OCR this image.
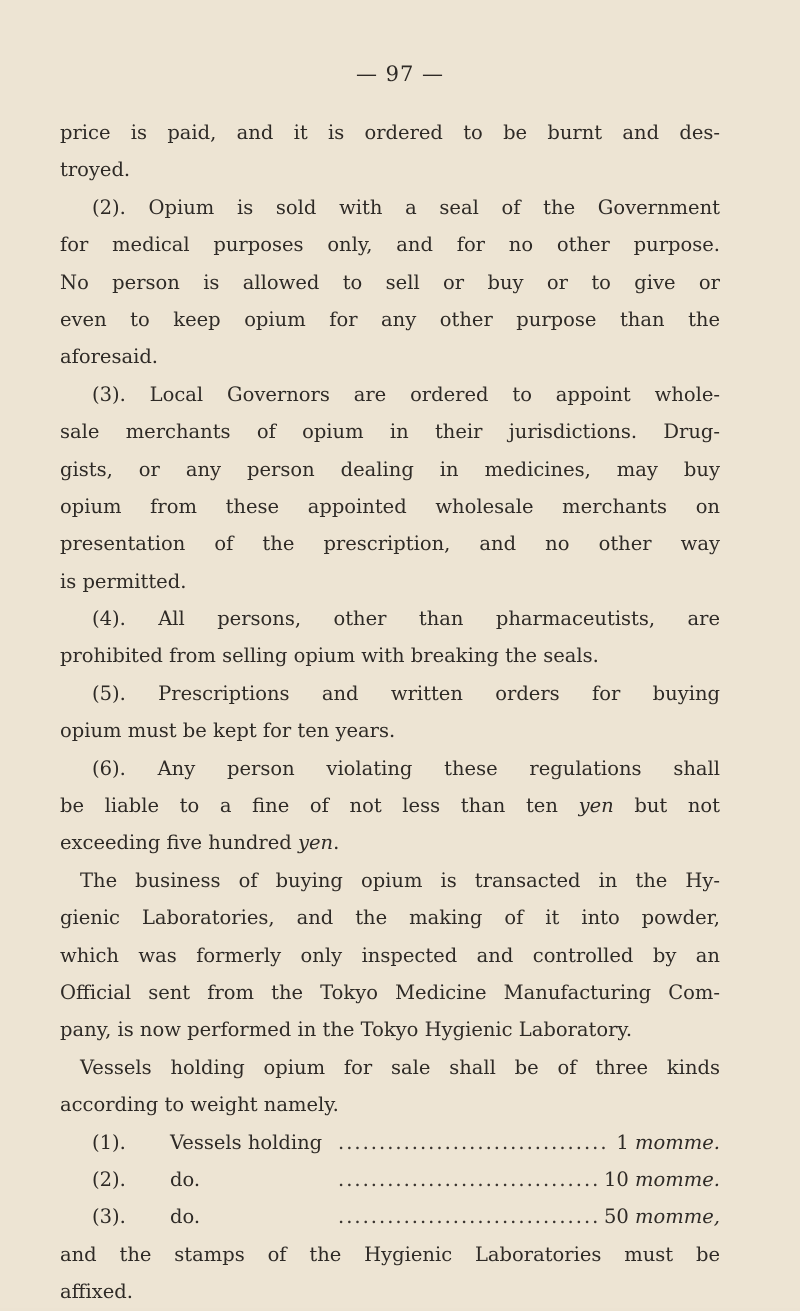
— 97 —
price is paid, and it is ordered to be burnt and des-
troyed.
(2). Opium is sold with a seal of the Government
for medical purposes only, and for no other purpose.
No person is allowed to sell or buy or to give or
even to keep opium for any other purpose than the
aforesaid.
(3). Local Governors are ordered to appoint whole-
sale merchants of opium in their jurisdictions. Drug-
gists, or any person dealing in medicines, may buy
opium from these appointed wholesale merchants on
presentation of the prescription, and no other way
is permitted.
(4). All persons, other than pharmaceutists, are
prohibited from selling opium with breaking the seals.
(5). Prescriptions and written orders for buying
opium must be kept for ten years.
(6). Any person violating these regulations shall
be liable to a fine of not less than ten yen but not
exceeding five hundred yen.
The business of buying opium is transacted in the Hy-
gienic Laboratories, and the making of it into powder,
which was formerly only inspected and controlled by an
Official sent from the Tokyo Medicine Manufacturing Com-
pany, is now performed in the Tokyo Hygienic Laboratory.
Vessels holding opium for sale shall be of three kinds
according to weight namely.
(1).	Vessels holding .....	1 momme.
(2).	do. .....	10 momme.
(3).	do. .....	50 momme,
and the stamps of the Hygienic Laboratories must be
affixed.
